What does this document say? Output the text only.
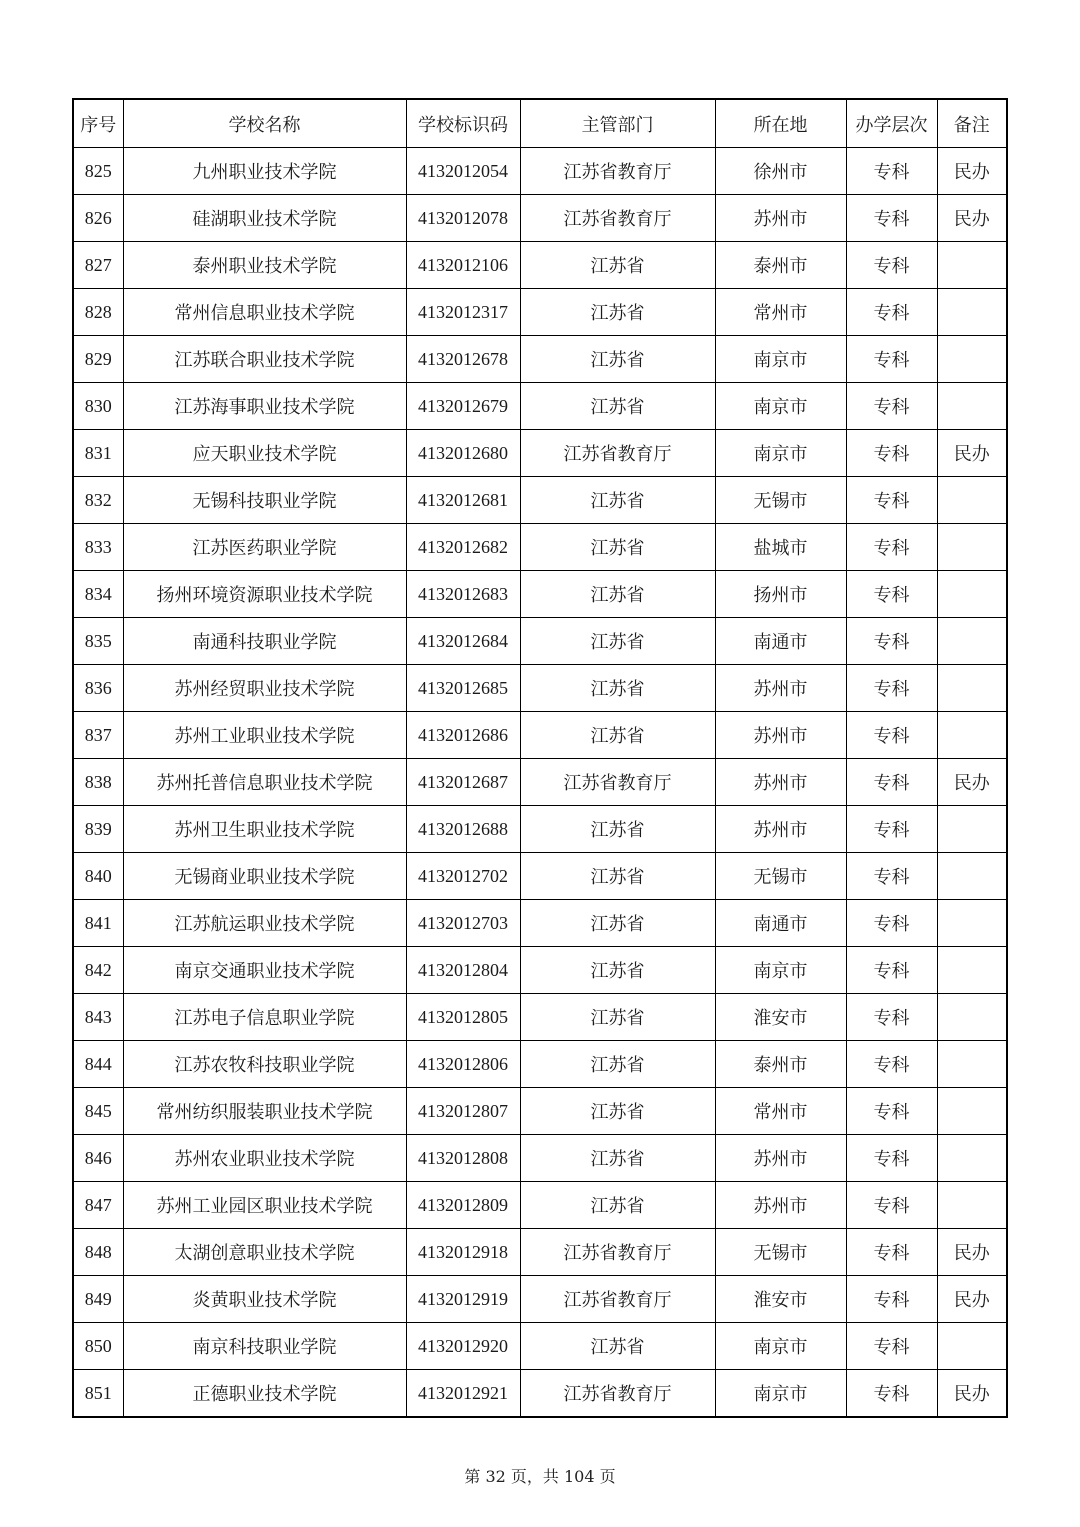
序号	学校名称	学校标识码	主管部门	所在地	办学层次	备注
825	九州职业技术学院	4132012054	江苏省教育厅	徐州市	专科	民办
826	硅湖职业技术学院	4132012078	江苏省教育厅	苏州市	专科	民办
827	泰州职业技术学院	4132012106	江苏省	泰州市	专科	
828	常州信息职业技术学院	4132012317	江苏省	常州市	专科	
829	江苏联合职业技术学院	4132012678	江苏省	南京市	专科	
830	江苏海事职业技术学院	4132012679	江苏省	南京市	专科	
831	应天职业技术学院	4132012680	江苏省教育厅	南京市	专科	民办
832	无锡科技职业学院	4132012681	江苏省	无锡市	专科	
833	江苏医药职业学院	4132012682	江苏省	盐城市	专科	
834	扬州环境资源职业技术学院	4132012683	江苏省	扬州市	专科	
835	南通科技职业学院	4132012684	江苏省	南通市	专科	
836	苏州经贸职业技术学院	4132012685	江苏省	苏州市	专科	
837	苏州工业职业技术学院	4132012686	江苏省	苏州市	专科	
838	苏州托普信息职业技术学院	4132012687	江苏省教育厅	苏州市	专科	民办
839	苏州卫生职业技术学院	4132012688	江苏省	苏州市	专科	
840	无锡商业职业技术学院	4132012702	江苏省	无锡市	专科	
841	江苏航运职业技术学院	4132012703	江苏省	南通市	专科	
842	南京交通职业技术学院	4132012804	江苏省	南京市	专科	
843	江苏电子信息职业学院	4132012805	江苏省	淮安市	专科	
844	江苏农牧科技职业学院	4132012806	江苏省	泰州市	专科	
845	常州纺织服装职业技术学院	4132012807	江苏省	常州市	专科	
846	苏州农业职业技术学院	4132012808	江苏省	苏州市	专科	
847	苏州工业园区职业技术学院	4132012809	江苏省	苏州市	专科	
848	太湖创意职业技术学院	4132012918	江苏省教育厅	无锡市	专科	民办
849	炎黄职业技术学院	4132012919	江苏省教育厅	淮安市	专科	民办
850	南京科技职业学院	4132012920	江苏省	南京市	专科	
851	正德职业技术学院	4132012921	江苏省教育厅	南京市	专科	民办
第 32 页，共 104 页
